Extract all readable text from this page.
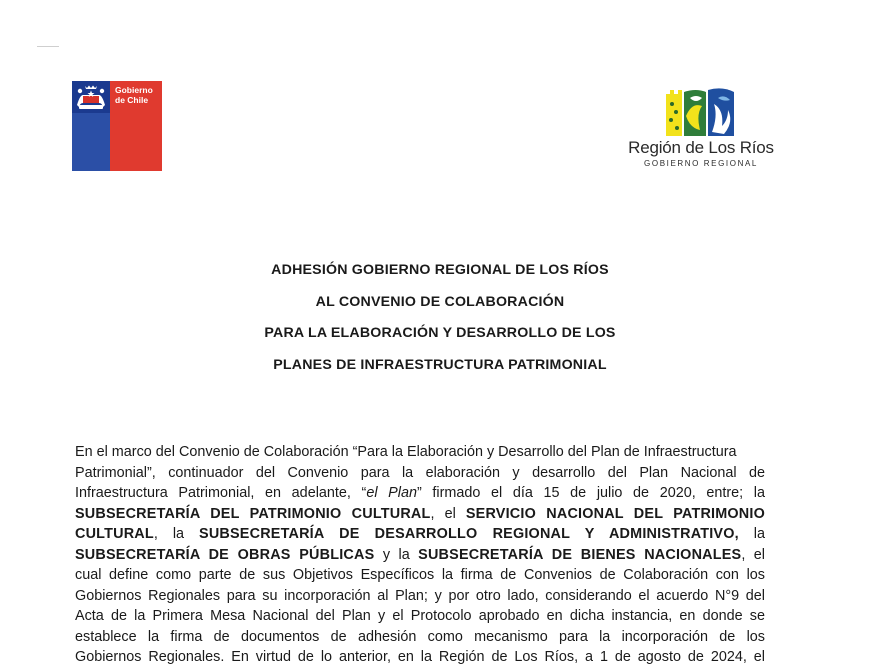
Gobierno
de Chile
Región de Los Ríos
GOBIERNO REGIONAL
ADHESIÓN GOBIERNO REGIONAL DE LOS RÍOS
AL CONVENIO DE COLABORACIÓN
PARA LA ELABORACIÓN Y DESARROLLO DE LOS
PLANES DE INFRAESTRUCTURA PATRIMONIAL
En el marco del Convenio de Colaboración “Para la Elaboración y Desarrollo del Plan de Infraestructura
Patrimonial”, continuador del Convenio para la elaboración y desarrollo del Plan Nacional de
Infraestructura Patrimonial, en adelante, “el Plan” firmado el día 15 de julio de 2020, entre; la
SUBSECRETARÍA DEL PATRIMONIO CULTURAL, el SERVICIO NACIONAL DEL PATRIMONIO
CULTURAL, la SUBSECRETARÍA DE DESARROLLO REGIONAL Y ADMINISTRATIVO, la
SUBSECRETARÍA DE OBRAS PÚBLICAS y la SUBSECRETARÍA DE BIENES NACIONALES, el
cual define como parte de sus Objetivos Específicos la firma de Convenios de Colaboración con los
Gobiernos Regionales para su incorporación al Plan; y por otro lado, considerando el acuerdo N°9 del
Acta de la Primera Mesa Nacional del Plan y el Protocolo aprobado en dicha instancia, en donde se
establece la firma de documentos de adhesión como mecanismo para la incorporación de los
Gobiernos Regionales. En virtud de lo anterior, en la Región de Los Ríos, a 1 de agosto de 2024, el
